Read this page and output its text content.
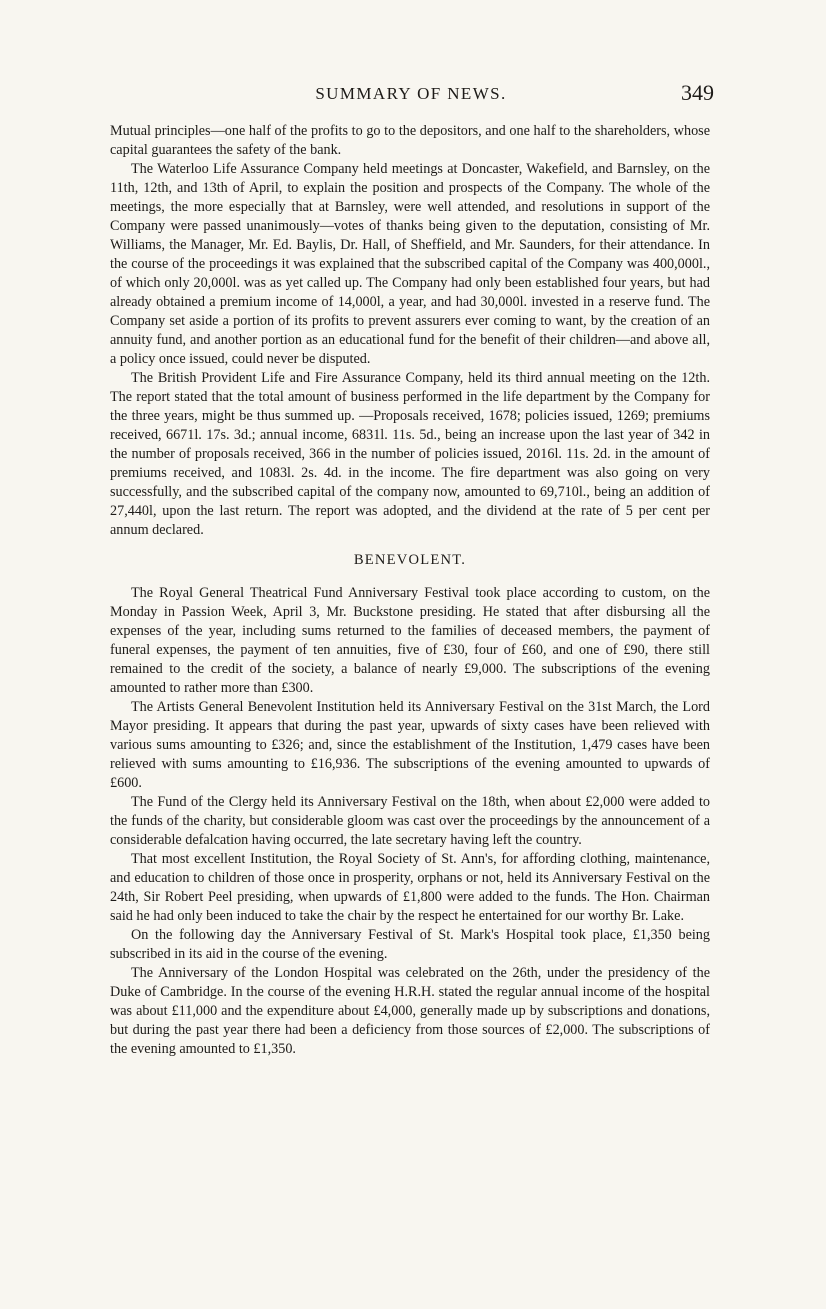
SUMMARY OF NEWS.	349

Mutual principles—one half of the profits to go to the depositors, and one half to the shareholders, whose capital guarantees the safety of the bank.

The Waterloo Life Assurance Company held meetings at Doncaster, Wakefield, and Barnsley, on the 11th, 12th, and 13th of April, to explain the position and prospects of the Company. The whole of the meetings, the more especially that at Barnsley, were well attended, and resolutions in support of the Company were passed unanimously—votes of thanks being given to the deputation, consisting of Mr. Williams, the Manager, Mr. Ed. Baylis, Dr. Hall, of Sheffield, and Mr. Saunders, for their attendance. In the course of the proceedings it was explained that the subscribed capital of the Company was 400,000l., of which only 20,000l. was as yet called up. The Company had only been established four years, but had already obtained a premium income of 14,000l, a year, and had 30,000l. invested in a reserve fund. The Company set aside a portion of its profits to prevent assurers ever coming to want, by the creation of an annuity fund, and another portion as an educational fund for the benefit of their children—and above all, a policy once issued, could never be disputed.

The British Provident Life and Fire Assurance Company, held its third annual meeting on the 12th. The report stated that the total amount of business performed in the life department by the Company for the three years, might be thus summed up. —Proposals received, 1678; policies issued, 1269; premiums received, 6671l. 17s. 3d.; annual income, 6831l. 11s. 5d., being an increase upon the last year of 342 in the number of proposals received, 366 in the number of policies issued, 2016l. 11s. 2d. in the amount of premiums received, and 1083l. 2s. 4d. in the income. The fire department was also going on very successfully, and the subscribed capital of the company now, amounted to 69,710l., being an addition of 27,440l, upon the last return. The report was adopted, and the dividend at the rate of 5 per cent per annum declared.

BENEVOLENT.

The Royal General Theatrical Fund Anniversary Festival took place according to custom, on the Monday in Passion Week, April 3, Mr. Buckstone presiding. He stated that after disbursing all the expenses of the year, including sums returned to the families of deceased members, the payment of funeral expenses, the payment of ten annuities, five of £30, four of £60, and one of £90, there still remained to the credit of the society, a balance of nearly £9,000. The subscriptions of the evening amounted to rather more than £300.

The Artists General Benevolent Institution held its Anniversary Festival on the 31st March, the Lord Mayor presiding. It appears that during the past year, upwards of sixty cases have been relieved with various sums amounting to £326; and, since the establishment of the Institution, 1,479 cases have been relieved with sums amounting to £16,936. The subscriptions of the evening amounted to upwards of £600.

The Fund of the Clergy held its Anniversary Festival on the 18th, when about £2,000 were added to the funds of the charity, but considerable gloom was cast over the proceedings by the announcement of a considerable defalcation having occurred, the late secretary having left the country.

That most excellent Institution, the Royal Society of St. Ann's, for affording clothing, maintenance, and education to children of those once in prosperity, orphans or not, held its Anniversary Festival on the 24th, Sir Robert Peel presiding, when upwards of £1,800 were added to the funds. The Hon. Chairman said he had only been induced to take the chair by the respect he entertained for our worthy Br. Lake.

On the following day the Anniversary Festival of St. Mark's Hospital took place, £1,350 being subscribed in its aid in the course of the evening.

The Anniversary of the London Hospital was celebrated on the 26th, under the presidency of the Duke of Cambridge. In the course of the evening H.R.H. stated the regular annual income of the hospital was about £11,000 and the expenditure about £4,000, generally made up by subscriptions and donations, but during the past year there had been a deficiency from those sources of £2,000. The subscriptions of the evening amounted to £1,350.
